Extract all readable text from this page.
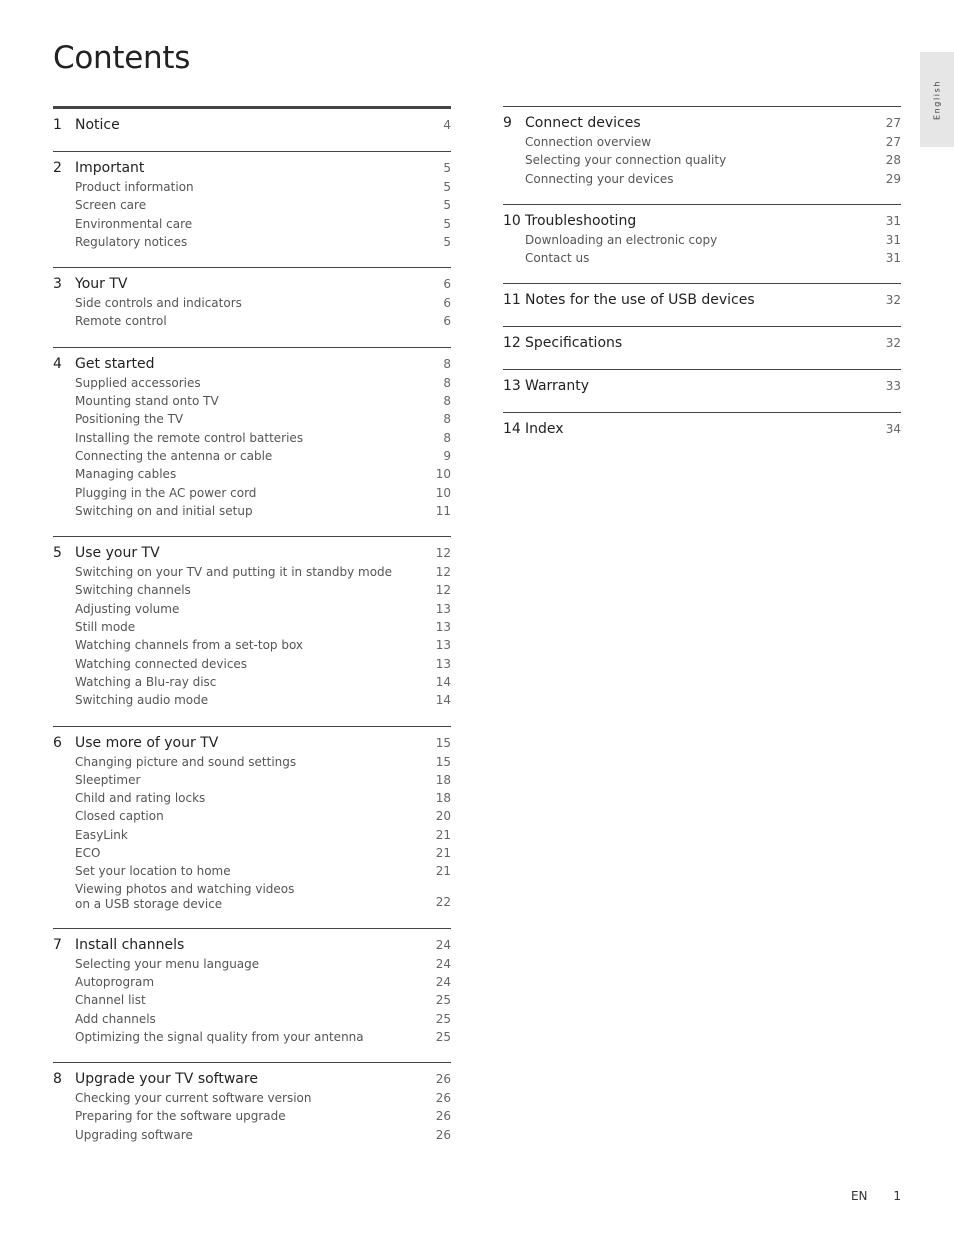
Contents
English
1 Notice	4
2 Important	5
Product information	5
Screen care	5
Environmental care	5
Regulatory notices	5
3 Your TV	6
Side controls and indicators	6
Remote control	6
4 Get started	8
Supplied accessories	8
Mounting stand onto TV	8
Positioning the TV	8
Installing the remote control batteries	8
Connecting the antenna or cable	9
Managing cables	10
Plugging in the AC power cord	10
Switching on and initial setup	11
5 Use your TV	12
Switching on your TV and putting it in standby mode	12
Switching channels	12
Adjusting volume	13
Still mode	13
Watching channels from a set-top box	13
Watching connected devices	13
Watching a Blu-ray disc	14
Switching audio mode	14
6 Use more of your TV	15
Changing picture and sound settings	15
Sleeptimer	18
Child and rating locks	18
Closed caption	20
EasyLink	21
ECO	21
Set your location to home	21
Viewing photos and watching videos
on a USB storage device	22
7 Install channels	24
Selecting your menu language	24
Autoprogram	24
Channel list	25
Add channels	25
Optimizing the signal quality from your antenna	25
8 Upgrade your TV software	26
Checking your current software version	26
Preparing for the software upgrade	26
Upgrading software	26
9 Connect devices	27
Connection overview	27
Selecting your connection quality	28
Connecting your devices	29
10 Troubleshooting	31
Downloading an electronic copy	31
Contact us	31
11 Notes for the use of USB devices	32
12 Specifications	32
13 Warranty	33
14 Index	34
EN 1
